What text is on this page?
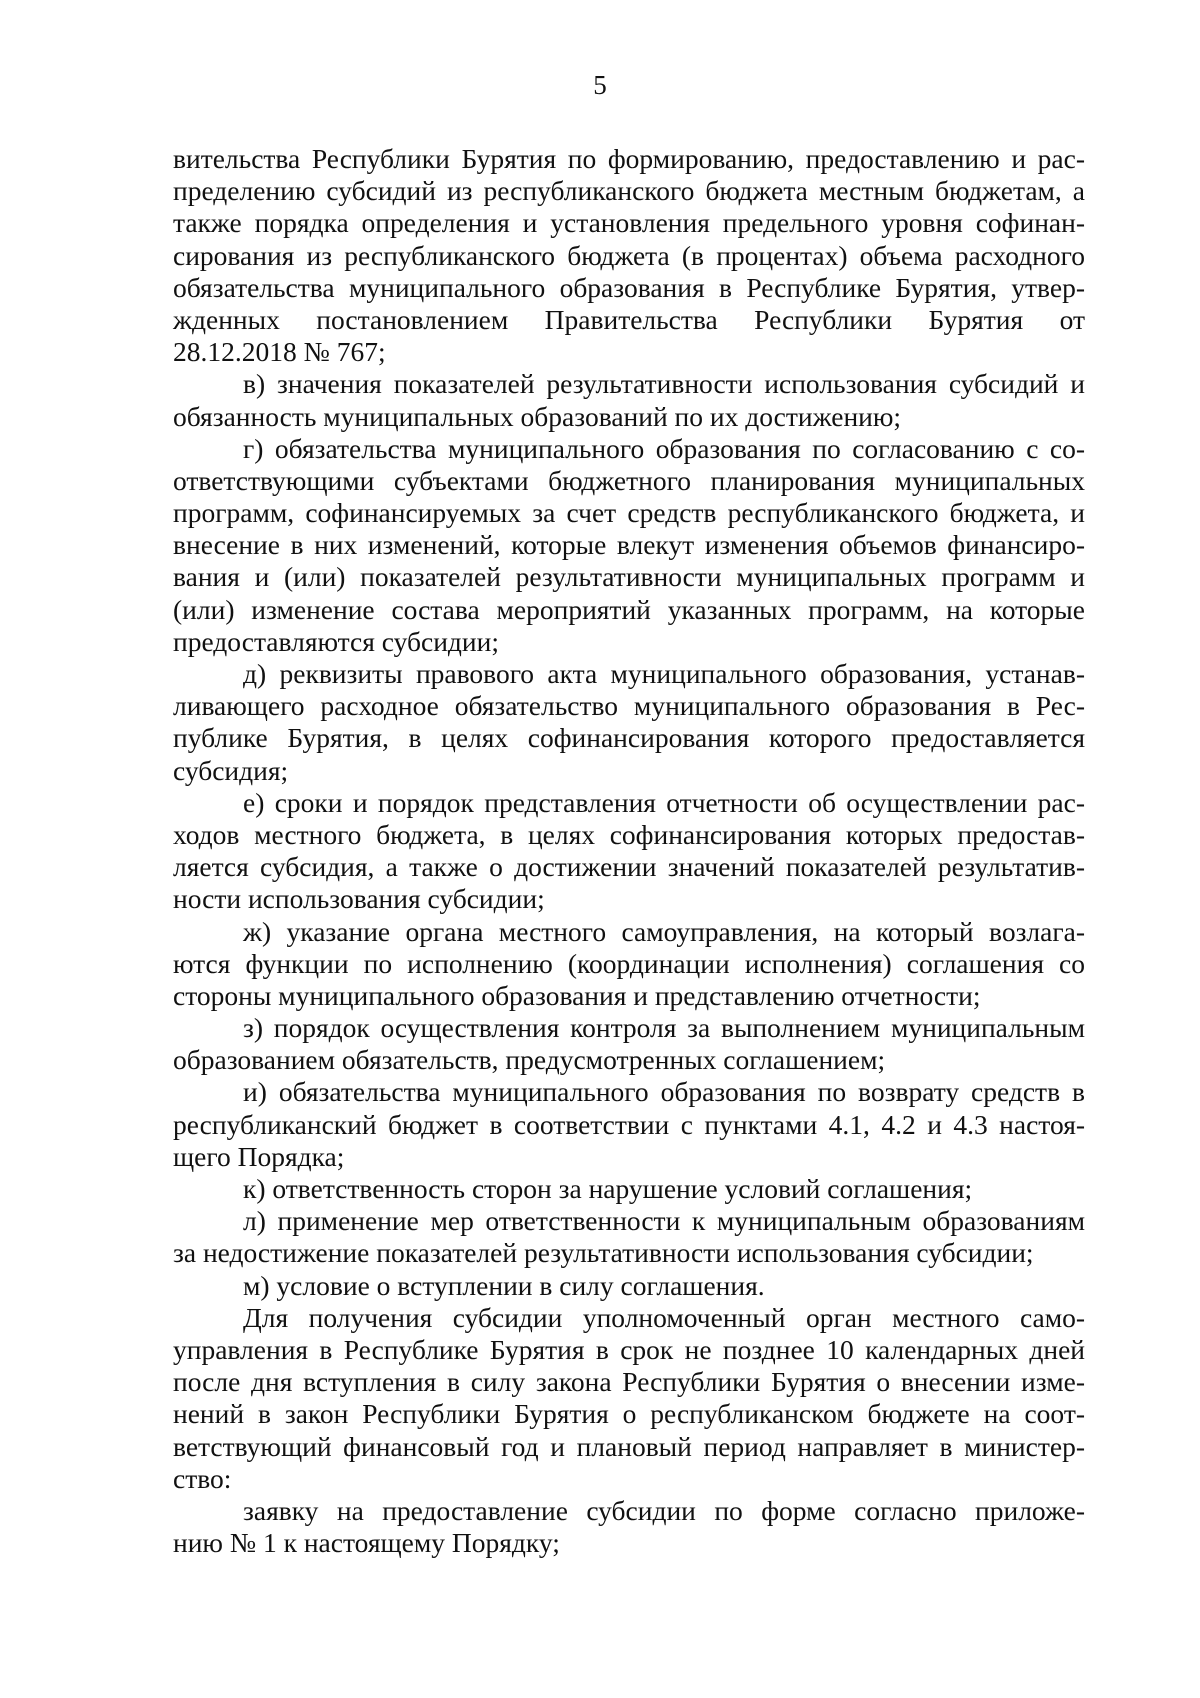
5
вительства Республики Бурятия по формированию, предоставлению и рас-
пределению субсидий из республиканского бюджета местным бюджетам, а
также порядка определения и установления предельного уровня софинан-
сирования из республиканского бюджета (в процентах) объема расходного
обязательства муниципального образования в Республике Бурятия, утвер-
жденных постановлением Правительства Республики Бурятия от
28.12.2018 № 767;
в) значения показателей результативности использования субсидий и
обязанность муниципальных образований по их достижению;
г) обязательства муниципального образования по согласованию с со-
ответствующими субъектами бюджетного планирования муниципальных
программ, софинансируемых за счет средств республиканского бюджета, и
внесение в них изменений, которые влекут изменения объемов финансиро-
вания и (или) показателей результативности муниципальных программ и
(или) изменение состава мероприятий указанных программ, на которые
предоставляются субсидии;
д) реквизиты правового акта муниципального образования, устанав-
ливающего расходное обязательство муниципального образования в Рес-
публике Бурятия, в целях софинансирования которого предоставляется
субсидия;
е) сроки и порядок представления отчетности об осуществлении рас-
ходов местного бюджета, в целях софинансирования которых предостав-
ляется субсидия, а также о достижении значений показателей результатив-
ности использования субсидии;
ж) указание органа местного самоуправления, на который возлага-
ются функции по исполнению (координации исполнения) соглашения со
стороны муниципального образования и представлению отчетности;
з) порядок осуществления контроля за выполнением муниципальным
образованием обязательств, предусмотренных соглашением;
и) обязательства муниципального образования по возврату средств в
республиканский бюджет в соответствии с пунктами 4.1, 4.2 и 4.3 настоя-
щего Порядка;
к) ответственность сторон за нарушение условий соглашения;
л) применение мер ответственности к муниципальным образованиям
за недостижение показателей результативности использования субсидии;
м) условие о вступлении в силу соглашения.
Для получения субсидии уполномоченный орган местного само-
управления в Республике Бурятия в срок не позднее 10 календарных дней
после дня вступления в силу закона Республики Бурятия о внесении изме-
нений в закон Республики Бурятия о республиканском бюджете на соот-
ветствующий финансовый год и плановый период направляет в министер-
ство:
заявку на предоставление субсидии по форме согласно приложе-
нию № 1 к настоящему Порядку;
